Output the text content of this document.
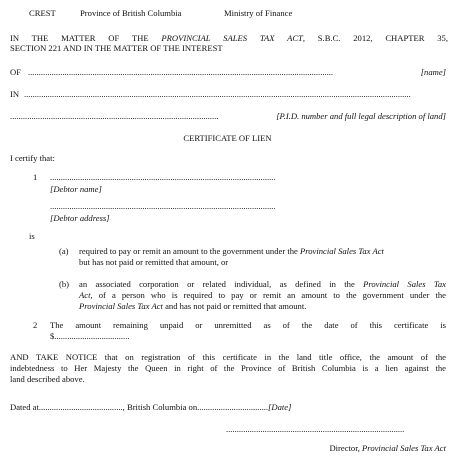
CREST	Province of British Columbia	Ministry of Finance
IN THE MATTER OF THE PROVINCIAL SALES TAX ACT, S.B.C. 2012, CHAPTER 35,
SECTION 221 AND IN THE MATTER OF THE INTEREST
OF ..............................................................................................................................................	[name]
IN ....................................................................................................................................................................................
.................................................................................................	[P.I.D. number and full legal description of land]
CERTIFICATE OF LIEN
I certify that:
1 .........................................................................................................
[Debtor name]
.........................................................................................................
[Debtor address]
is
(a) required to pay or remit an amount to the government under the Provincial Sales Tax Act
but has not paid or remitted that amount, or
(b) an associated corporation or related individual, as defined in the Provincial Sales Tax
Act, of a person who is required to pay or remit an amount to the government under the
Provincial Sales Tax Act and has not paid or remitted that amount.
2 The amount remaining unpaid or unremitted as of the date of this certificate is
$...................................
AND TAKE NOTICE that on registration of this certificate in the land title office, the amount of the
indebtedness to Her Majesty the Queen in right of the Province of British Columbia is a lien against the
land described above.
Dated at......................................., British Columbia on.................................[Date]
...................................................................................
Director, Provincial Sales Tax Act
